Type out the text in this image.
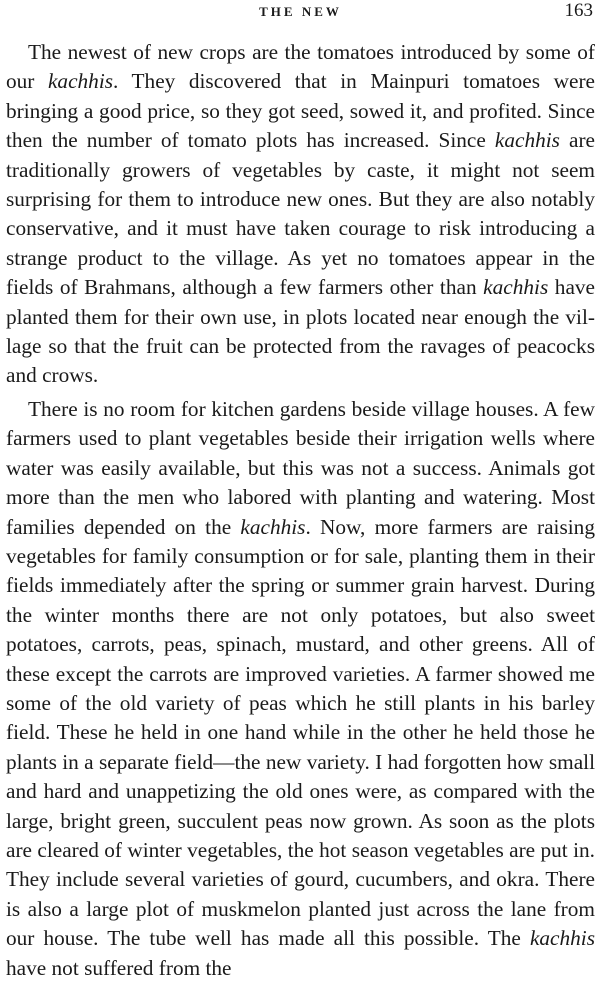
THE NEW	163

The newest of new crops are the tomatoes introduced by some of our kachhis. They discovered that in Mainpuri tomatoes were bringing a good price, so they got seed, sowed it, and profited. Since then the number of tomato plots has increased. Since kachhis are traditionally growers of vegetables by caste, it might not seem surprising for them to introduce new ones. But they are also notably conservative, and it must have taken courage to risk introducing a strange product to the village. As yet no tomatoes appear in the fields of Brahmans, although a few farmers other than kachhis have planted them for their own use, in plots located near enough the village so that the fruit can be protected from the ravages of peacocks and crows.

There is no room for kitchen gardens beside village houses. A few farmers used to plant vegetables beside their irrigation wells where water was easily available, but this was not a success. Animals got more than the men who labored with planting and watering. Most families depended on the kachhis. Now, more farmers are raising vegetables for family consumption or for sale, planting them in their fields immediately after the spring or summer grain harvest. During the winter months there are not only potatoes, but also sweet potatoes, carrots, peas, spinach, mustard, and other greens. All of these except the carrots are improved varieties. A farmer showed me some of the old variety of peas which he still plants in his barley field. These he held in one hand while in the other he held those he plants in a separate field—the new variety. I had forgotten how small and hard and unappetizing the old ones were, as compared with the large, bright green, succulent peas now grown. As soon as the plots are cleared of winter vegetables, the hot season vegetables are put in. They include several varieties of gourd, cucumbers, and okra. There is also a large plot of muskmelon planted just across the lane from our house. The tube well has made all this possible. The kachhis have not suffered from the
